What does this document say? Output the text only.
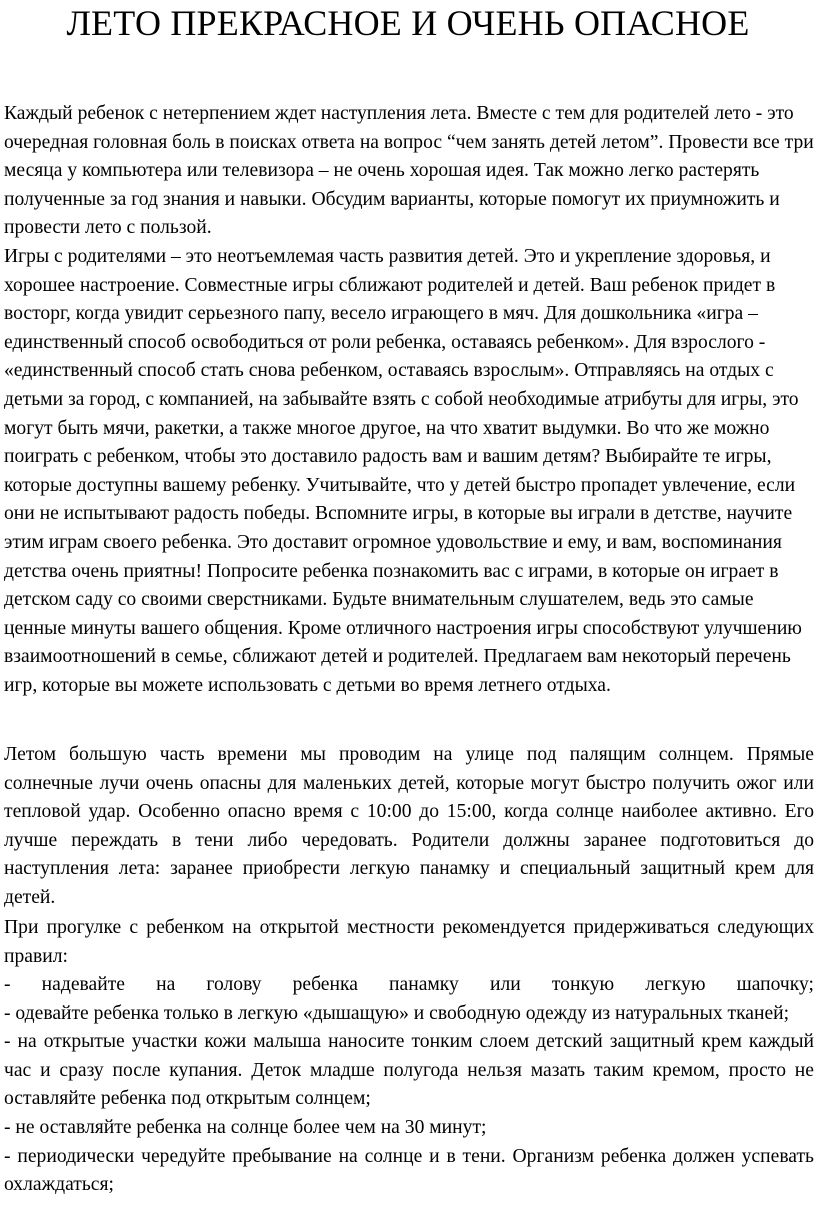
ЛЕТО ПРЕКРАСНОЕ И ОЧЕНЬ ОПАСНОЕ

Каждый ребенок с нетерпением ждет наступления лета. Вместе с тем для родителей лето - это очередная головная боль в поисках ответа на вопрос “чем занять детей летом”. Провести все три месяца у компьютера или телевизора – не очень хорошая идея. Так можно легко растерять полученные за год знания и навыки. Обсудим варианты, которые помогут их приумножить и провести лето с пользой.

Игры с родителями – это неотъемлемая часть развития детей. Это и укрепление здоровья, и хорошее настроение. Совместные игры сближают родителей и детей. Ваш ребенок придет в восторг, когда увидит серьезного папу, весело играющего в мяч. Для дошкольника «игра – единственный способ освободиться от роли ребенка, оставаясь ребенком». Для взрослого - «единственный способ стать снова ребенком, оставаясь взрослым». Отправляясь на отдых с детьми за город, с компанией, на забывайте взять с собой необходимые атрибуты для игры, это могут быть мячи, ракетки, а также многое другое, на что хватит выдумки. Во что же можно поиграть с ребенком, чтобы это доставило радость вам и вашим детям? Выбирайте те игры, которые доступны вашему ребенку. Учитывайте, что у детей быстро пропадет увлечение, если они не испытывают радость победы. Вспомните игры, в которые вы играли в детстве, научите этим играм своего ребенка. Это доставит огромное удовольствие и ему, и вам, воспоминания детства очень приятны! Попросите ребенка познакомить вас с играми, в которые он играет в детском саду со своими сверстниками. Будьте внимательным слушателем, ведь это самые ценные минуты вашего общения. Кроме отличного настроения игры способствуют улучшению взаимоотношений в семье, сближают детей и родителей. Предлагаем вам некоторый перечень игр, которые вы можете использовать с детьми во время летнего отдыха.

Летом большую часть времени мы проводим на улице под палящим солнцем. Прямые солнечные лучи очень опасны для маленьких детей, которые могут быстро получить ожог или тепловой удар. Особенно опасно время с 10:00 до 15:00, когда солнце наиболее активно. Его лучше переждать в тени либо чередовать. Родители должны заранее подготовиться до наступления лета: заранее приобрести легкую панамку и специальный защитный крем для детей.

При прогулке с ребенком на открытой местности рекомендуется придерживаться следующих правил:

- надевайте на голову ребенка панамку или тонкую легкую шапочку;
- одевайте ребенка только в легкую «дышащую» и свободную одежду из натуральных тканей;
- на открытые участки кожи малыша наносите тонким слоем детский защитный крем каждый час и сразу после купания. Деток младше полугода нельзя мазать таким кремом, просто не оставляйте ребенка под открытым солнцем;
- не оставляйте ребенка на солнце более чем на 30 минут;
- периодически чередуйте пребывание на солнце и в тени. Организм ребенка должен успевать охлаждаться;
